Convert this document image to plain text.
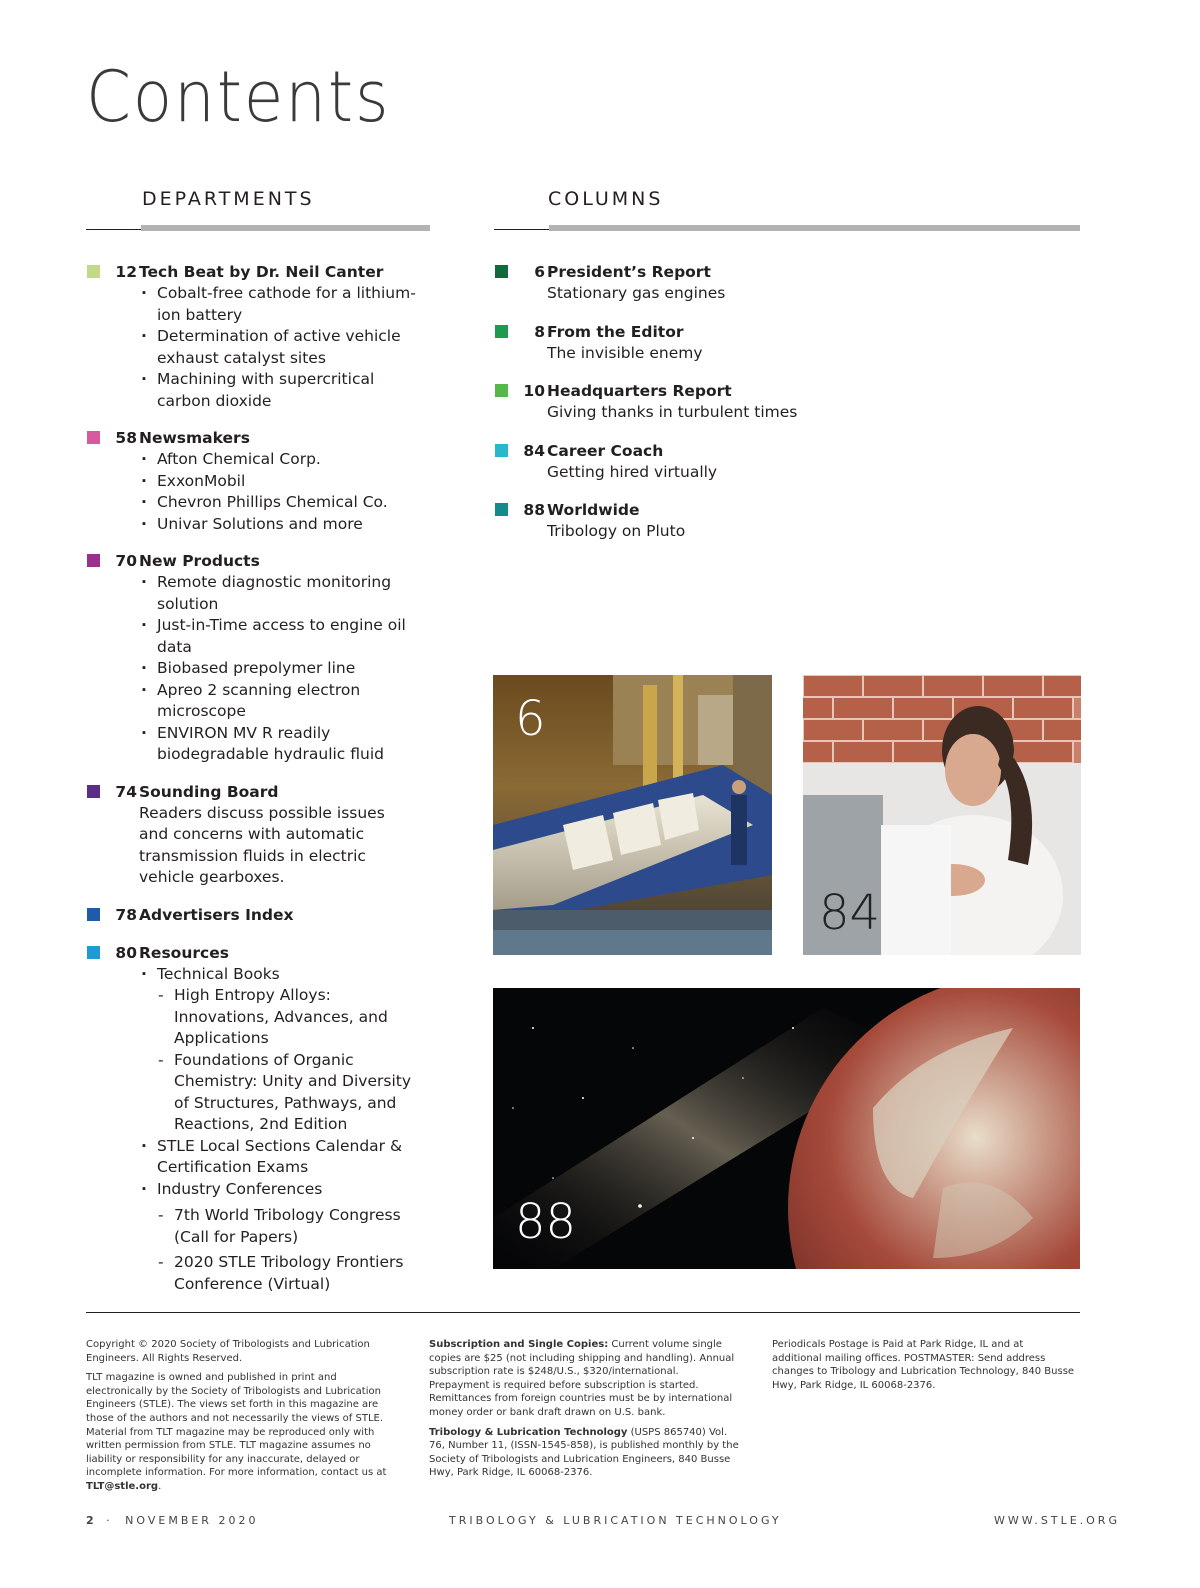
Contents
DEPARTMENTS	COLUMNS
12 Tech Beat by Dr. Neil Canter
· Cobalt-free cathode for a lithium-ion battery
· Determination of active vehicle exhaust catalyst sites
· Machining with supercritical carbon dioxide
58 Newsmakers
· Afton Chemical Corp.
· ExxonMobil
· Chevron Phillips Chemical Co.
· Univar Solutions and more
70 New Products
· Remote diagnostic monitoring solution
· Just-in-Time access to engine oil data
· Biobased prepolymer line
· Apreo 2 scanning electron microscope
· ENVIRON MV R readily biodegradable hydraulic fluid
74 Sounding Board
Readers discuss possible issues and concerns with automatic transmission fluids in electric vehicle gearboxes.
78 Advertisers Index
80 Resources
· Technical Books
- High Entropy Alloys: Innovations, Advances, and Applications
- Foundations of Organic Chemistry: Unity and Diversity of Structures, Pathways, and Reactions, 2nd Edition
· STLE Local Sections Calendar & Certification Exams
· Industry Conferences
- 7th World Tribology Congress (Call for Papers)
- 2020 STLE Tribology Frontiers Conference (Virtual)
6 President’s Report
Stationary gas engines
8 From the Editor
The invisible enemy
10 Headquarters Report
Giving thanks in turbulent times
84 Career Coach
Getting hired virtually
88 Worldwide
Tribology on Pluto
6
84
88

Copyright © 2020 Society of Tribologists and Lubrication Engineers. All Rights Reserved.

TLT magazine is owned and published in print and electronically by the Society of Tribologists and Lubrication Engineers (STLE). The views set forth in this magazine are those of the authors and not necessarily the views of STLE. Material from TLT magazine may be reproduced only with written permission from STLE. TLT magazine assumes no liability or responsibility for any inaccurate, delayed or incomplete information. For more information, contact us at TLT@stle.org.

Subscription and Single Copies: Current volume single copies are $25 (not including shipping and handling). Annual subscription rate is $248/U.S., $320/international. Prepayment is required before subscription is started. Remittances from foreign countries must be by international money order or bank draft drawn on U.S. bank.

Tribology & Lubrication Technology (USPS 865740) Vol. 76, Number 11, (ISSN-1545-858), is published monthly by the Society of Tribologists and Lubrication Engineers, 840 Busse Hwy, Park Ridge, IL 60068-2376.

Periodicals Postage is Paid at Park Ridge, IL and at additional mailing offices. POSTMASTER: Send address changes to Tribology and Lubrication Technology, 840 Busse Hwy, Park Ridge, IL 60068-2376.

2 · NOVEMBER 2020	TRIBOLOGY & LUBRICATION TECHNOLOGY	WWW.STLE.ORG
